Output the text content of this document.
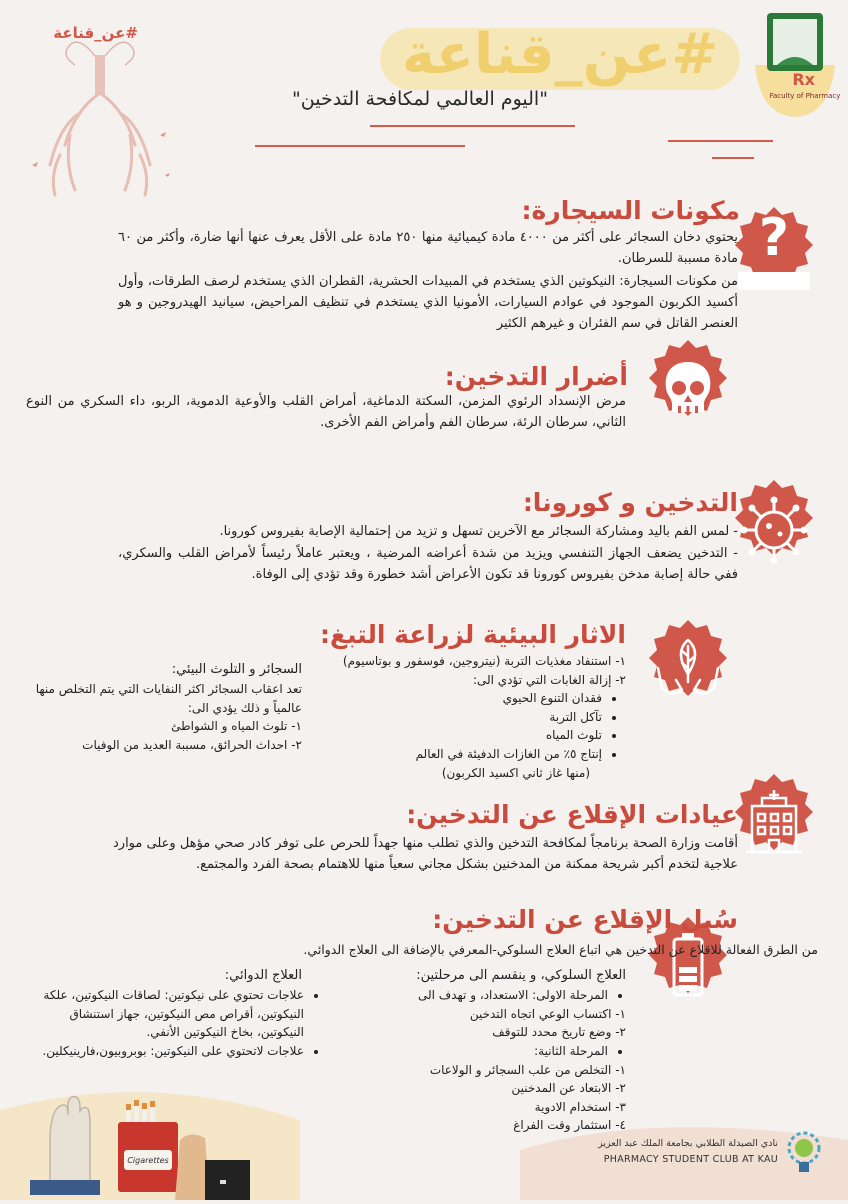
#عن_قناعة
"اليوم العالمي لمكافحة التدخين"
#عن_قناعة
Rx
Faculty of Pharmacy
?
مكونات السيجارة:
يحتوي دخان السجائر على أكثر من ٤٠٠٠ مادة كيميائية منها ٢٥٠ مادة على الأقل يعرف عنها أنها ضارة، وأكثر من ٦٠ مادة مسببة للسرطان.
من مكونات السيجارة: النيكوتين الذي يستخدم في المبيدات الحشرية، القطران الذي يستخدم لرصف الطرقات، وأول أكسيد الكربون الموجود في عوادم السيارات، الأمونيا الذي يستخدم في تنظيف المراحيض، سيانيد الهيدروجين و هو العنصر القاتل في سم الفئران و غيرهم الكثير
أضرار التدخين:
مرض الإنسداد الرئوي المزمن، السكتة الدماغية، أمراض القلب والأوعية الدموية، الربو، داء السكري من النوع الثاني، سرطان الرئة، سرطان الفم وأمراض الفم الأخرى.
التدخين و كورونا:
- لمس الفم باليد ومشاركة السجائر مع الآخرين تسهل و تزيد من إحتمالية الإصابة بفيروس كورونا.
- التدخين يضعف الجهاز التنفسي ويزيد من شدة أعراضه المرضية ، ويعتبر عاملاً رئيساً لأمراض القلب والسكري، ففي حالة إصابة مدخن بفيروس كورونا قد تكون الأعراض أشد خطورة وقد تؤدي إلى الوفاة.
الاثار البيئية لزراعة التبغ:
١- استنفاد مغذيات التربة (نيتروجين، فوسفور و بوتاسيوم)
٢- إزالة الغابات التي تؤدي الى:
• فقدان التنوع الحيوي
• تآكل التربة
• تلوث المياه
• إنتاج ٥٪ من الغازات الدفيئة في العالم
(منها غاز ثاني اكسيد الكربون)
السجائر و التلوث البيئي:
تعد اعقاب السجائر اكثر النفايات التي يتم التخلص منها عالمياً و ذلك يؤدي الى:
١- تلوث المياه و الشواطئ
٢- احداث الحرائق، مسببة العديد من الوفيات
عيادات الإقلاع عن التدخين:
أقامت وزارة الصحة برنامجاً لمكافحة التدخين والذي تطلب منها جهداً للحرص على توفر كادر صحي مؤهل وعلى موارد علاجية لتخدم أكبر شريحة ممكنة من المدخنين بشكل مجاني سعياً منها للاهتمام بصحة الفرد والمجتمع.
سُبل الإقلاع عن التدخين:
من الطرق الفعالة للاقلاع عن التدخين هي اتباع العلاج السلوكي-المعرفي بالإضافة الى العلاج الدوائي.
العلاج السلوكي، و ينقسم الى مرحلتين:
• المرحلة الاولى: الاستعداد، و تهدف الى
١- اكتساب الوعي اتجاه التدخين
٢- وضع تاريخ محدد للتوقف
• المرحلة الثانية:
١- التخلص من علب السجائر و الولاعات
٢- الابتعاد عن المدخنين
٣- استخدام الادوية
٤- استثمار وقت الفراغ
العلاج الدوائي:
• علاجات تحتوي على نيكوتين: لصاقات النيكوتين، علكة النيكوتين، أقراص مص النيكوتين، جهاز استنشاق النيكوتين، بخاخ النيكوتين الأنفي.
• علاجات لاتحتوي على النيكوتين: بوبروبيون،فارينيكلين.
Cigarettes
نادي الصيدلة الطلابي بجامعة الملك عبد العزيز
PHARMACY STUDENT CLUB AT KAU
